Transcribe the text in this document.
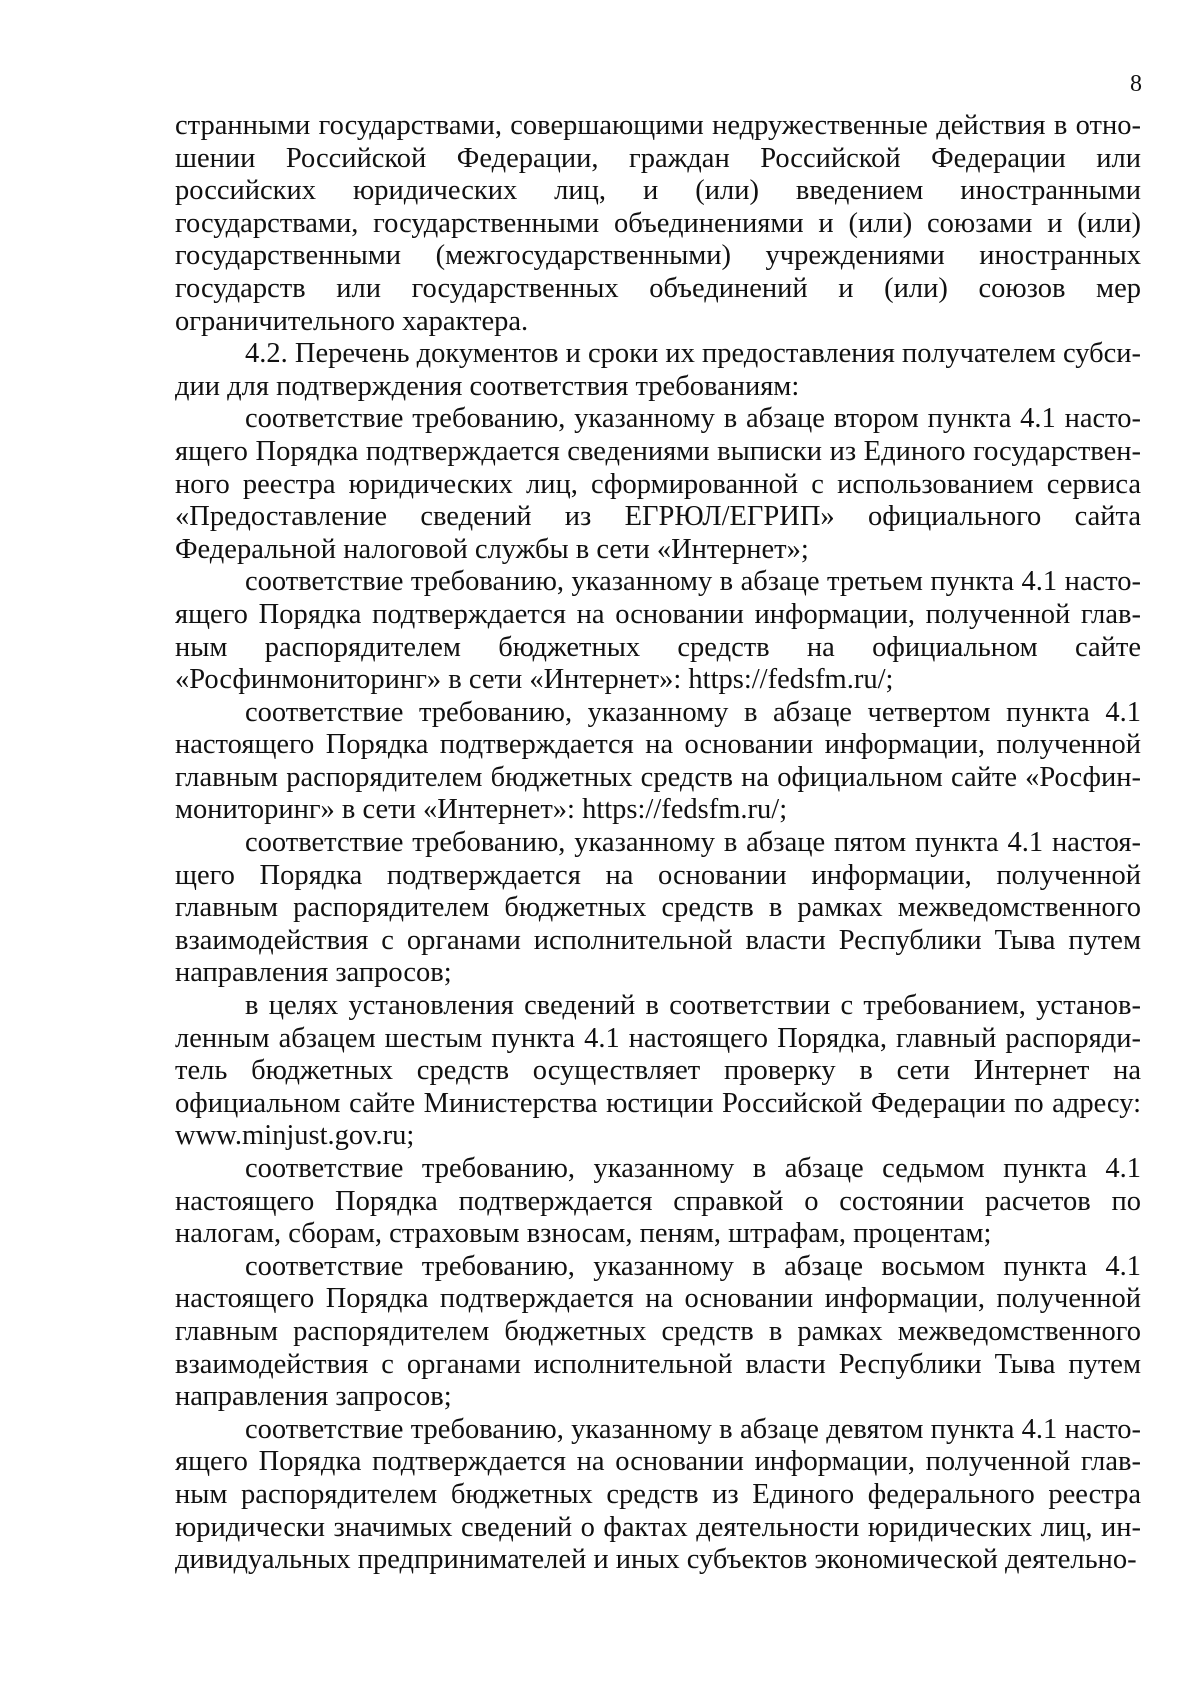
8

странными государствами, совершающими недружественные действия в отношении Российской Федерации, граждан Российской Федерации или российских юридических лиц, и (или) введением иностранными государствами, государственными объединениями и (или) союзами и (или) государственными (межгосударственными) учреждениями иностранных государств или государственных объединений и (или) союзов мер ограничительного характера.

4.2. Перечень документов и сроки их предоставления получателем субсидии для подтверждения соответствия требованиям:

соответствие требованию, указанному в абзаце втором пункта 4.1 настоящего Порядка подтверждается сведениями выписки из Единого государственного реестра юридических лиц, сформированной с использованием сервиса «Предоставление сведений из ЕГРЮЛ/ЕГРИП» официального сайта Федеральной налоговой службы в сети «Интернет»;

соответствие требованию, указанному в абзаце третьем пункта 4.1 настоящего Порядка подтверждается на основании информации, полученной главным распорядителем бюджетных средств на официальном сайте «Росфинмониторинг» в сети «Интернет»: https://fedsfm.ru/;

соответствие требованию, указанному в абзаце четвертом пункта 4.1 настоящего Порядка подтверждается на основании информации, полученной главным распорядителем бюджетных средств на официальном сайте «Росфинмониторинг» в сети «Интернет»: https://fedsfm.ru/;

соответствие требованию, указанному в абзаце пятом пункта 4.1 настоящего Порядка подтверждается на основании информации, полученной главным распорядителем бюджетных средств в рамках межведомственного взаимодействия с органами исполнительной власти Республики Тыва путем направления запросов;

в целях установления сведений в соответствии с требованием, установленным абзацем шестым пункта 4.1 настоящего Порядка, главный распорядитель бюджетных средств осуществляет проверку в сети Интернет на официальном сайте Министерства юстиции Российской Федерации по адресу: www.minjust.gov.ru;

соответствие требованию, указанному в абзаце седьмом пункта 4.1 настоящего Порядка подтверждается справкой о состоянии расчетов по налогам, сборам, страховым взносам, пеням, штрафам, процентам;

соответствие требованию, указанному в абзаце восьмом пункта 4.1 настоящего Порядка подтверждается на основании информации, полученной главным распорядителем бюджетных средств в рамках межведомственного взаимодействия с органами исполнительной власти Республики Тыва путем направления запросов;

соответствие требованию, указанному в абзаце девятом пункта 4.1 настоящего Порядка подтверждается на основании информации, полученной главным распорядителем бюджетных средств из Единого федерального реестра юридически значимых сведений о фактах деятельности юридических лиц, индивидуальных предпринимателей и иных субъектов экономической деятельно-
